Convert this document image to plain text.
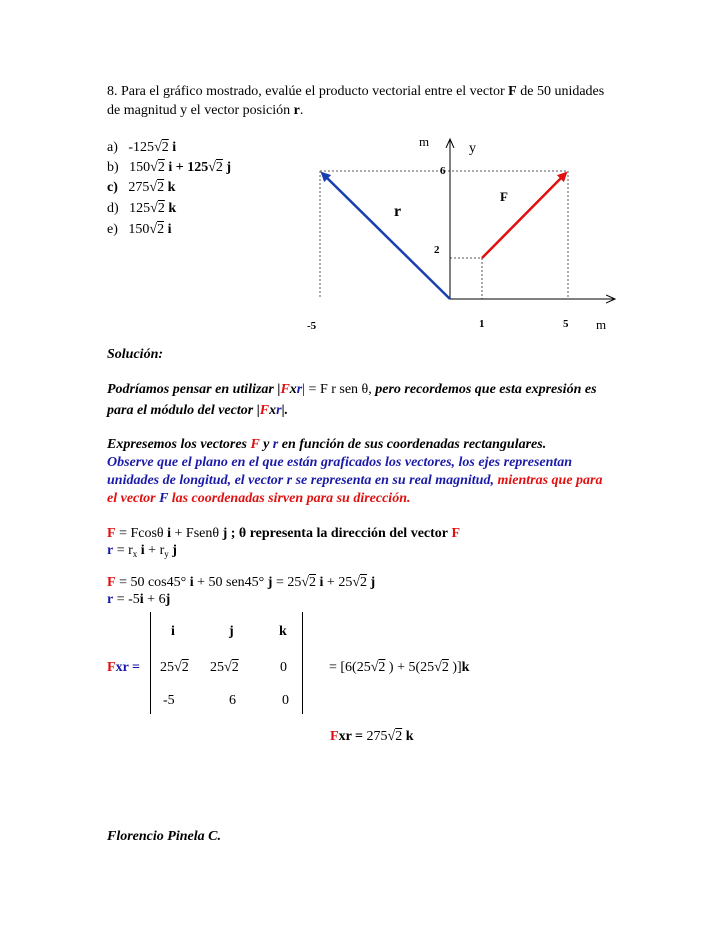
8. Para el gráfico mostrado, evalúe el producto vectorial entre el vector F de 50 unidades
de magnitud y el vector posición r.
a) -125√2 i
b) 150√2 i + 125√2 j
c) 275√2 k
d) 125√2 k
e) 150√2 i
m	y
6
2
-5	1	5 m
F
r
Solución:
Podríamos pensar en utilizar |Fxr| = F r sen θ, pero recordemos que esta expresión es
para el módulo del vector |Fxr|.
Expresemos los vectores F y r en función de sus coordenadas rectangulares.
Observe que el plano en el que están graficados los vectores, los ejes representan
unidades de longitud, el vector r se representa en su real magnitud, mientras que para
el vector F las coordenadas sirven para su dirección.
F = Fcosθ i + Fsenθ j ; θ representa la dirección del vector F
$r = r_x$ $i + r_y$ j
F = 50 cos45° i + 50 sen45° j = 25√2 i + 25√2 j
r = -5i + 6j
i	j	k
Fxr = 25√2 25√2	0
-5	6	0
= [6(25√2 ) + 5(25√2 )]k
Fxr = 275√2 k
Florencio Pinela C.
